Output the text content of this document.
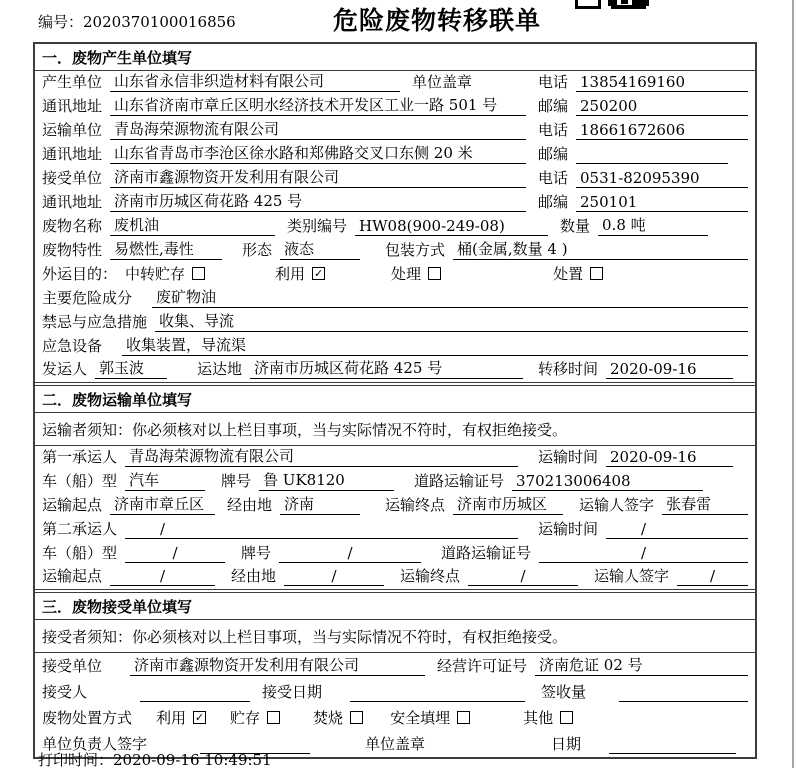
编号：2020370100016856	危险废物转移联单
一．废物产生单位填写
产生单位 山东省永信非织造材料有限公司	单位盖章	电话 13854169160
通讯地址 山东省济南市章丘区明水经济技术开发区工业一路 501 号	邮编 250200
运输单位 青岛海荣源物流有限公司	电话 18661672606
通讯地址 山东省青岛市李沧区徐水路和郑佛路交叉口东侧 20 米	邮编
接受单位 济南市鑫源物资开发利用有限公司	电话 0531-82095390
通讯地址 济南市历城区荷花路 425 号	邮编 250101
废物名称 废机油	类别编号 HW08(900-249-08)	数量 0.8 吨
废物特性 易燃性,毒性	形态 液态	包装方式 桶(金属,数量 4 )
外运目的： 中转贮存	利用 ✓	处理	处置
主要危险成分 废矿物油
禁忌与应急措施 收集、导流
应急设备 收集装置，导流渠
发运人 郭玉波	运达地 济南市历城区荷花路 425 号	转移时间 2020-09-16
二．废物运输单位填写
运输者须知：你必须核对以上栏目事项，当与实际情况不符时，有权拒绝接受。
第一承运人 青岛海荣源物流有限公司	运输时间 2020-09-16
车（船）型 汽车	牌号 鲁 UK8120	道路运输证号 370213006408
运输起点 济南市章丘区	经由地 济南	运输终点 济南市历城区	运输人签字 张春雷
第二承运人	/	运输时间	/
车（船）型	/	牌号	/	道路运输证号	/
运输起点	/	经由地	/	运输终点	/	运输人签字	/
三．废物接受单位填写
接受者须知：你必须核对以上栏目事项，当与实际情况不符时，有权拒绝接受。
接受单位 济南市鑫源物资开发利用有限公司	经营许可证号 济南危证 02 号
接受人	接受日期	签收量
废物处置方式 利用 ✓ 贮存	焚烧	安全填埋	其他
单位负责人签字	单位盖章	日期
打印时间：2020-09-16 10:49:51
